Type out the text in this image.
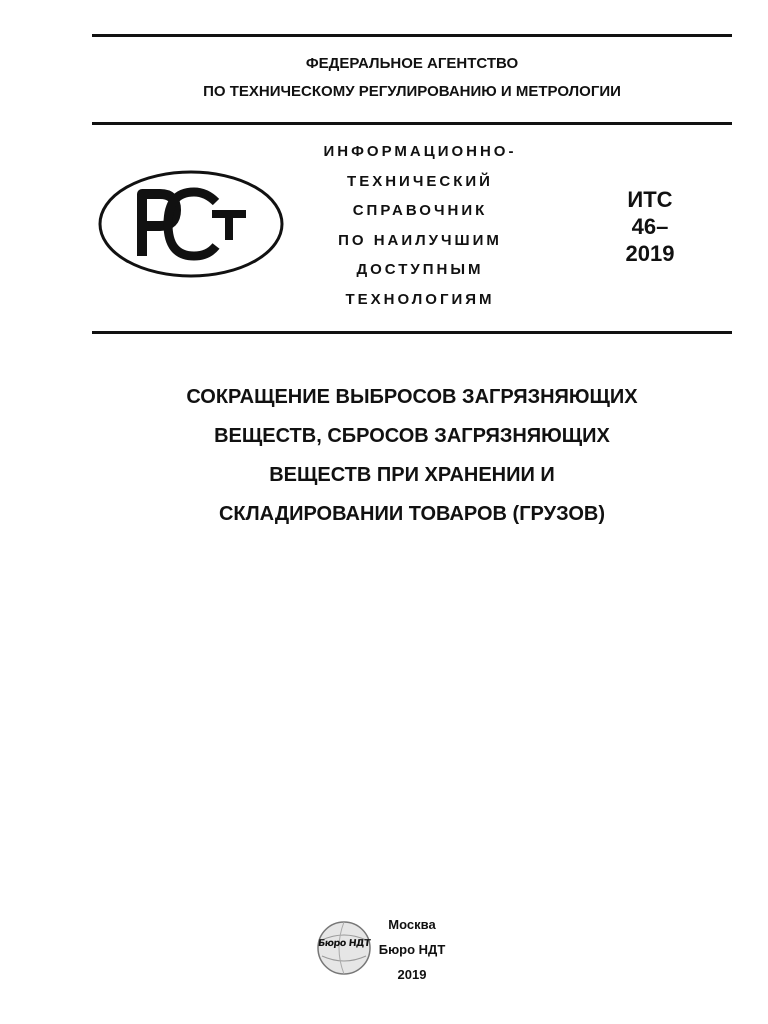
ФЕДЕРАЛЬНОЕ АГЕНТСТВО
ПО ТЕХНИЧЕСКОМУ РЕГУЛИРОВАНИЮ И МЕТРОЛОГИИ
ИНФОРМАЦИОННО-
ТЕХНИЧЕСКИЙ
СПРАВОЧНИК
ПО НАИЛУЧШИМ
ДОСТУПНЫМ
ТЕХНОЛОГИЯМ
ИТС
46–
2019
СОКРАЩЕНИЕ ВЫБРОСОВ ЗАГРЯЗНЯЮЩИХ
ВЕЩЕСТВ, СБРОСОВ ЗАГРЯЗНЯЮЩИХ
ВЕЩЕСТВ ПРИ ХРАНЕНИИ И
СКЛАДИРОВАНИИ ТОВАРОВ (ГРУЗОВ)
Бюро НДТ
Москва
Бюро НДТ
2019
